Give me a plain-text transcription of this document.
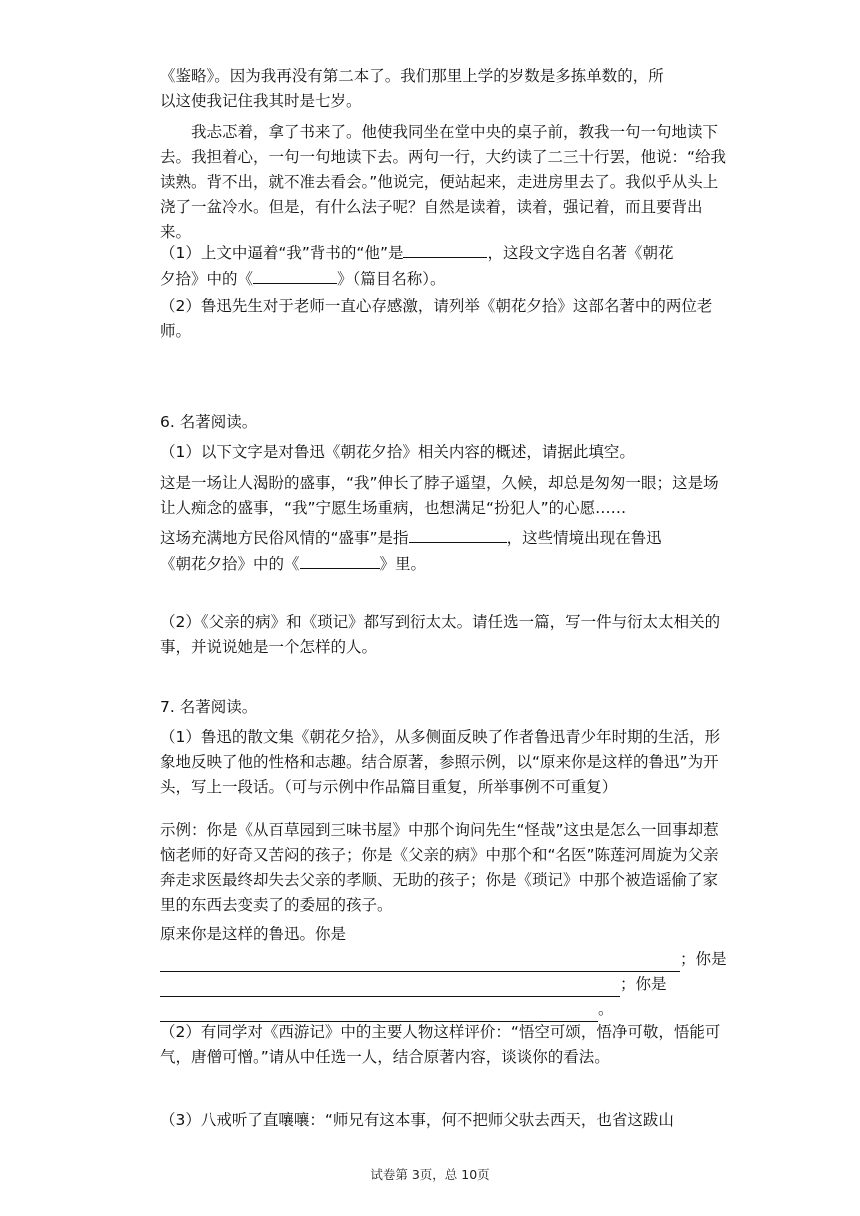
《鉴略》。因为我再没有第二本了。我们那里上学的岁数是多拣单数的，所

以这使我记住我其时是七岁。

我忐忑着，拿了书来了。他使我同坐在堂中央的桌子前，教我一句一句地读下去。我担着心，一句一句地读下去。两句一行，大约读了二三十行罢，他说：“给我读熟。背不出，就不准去看会。”他说完，便站起来，走进房里去了。我似乎从头上浇了一盆冷水。但是，有什么法子呢？自然是读着，读着，强记着，而且要背出来。

（1）上文中逼着“我”背书的“他”是	，这段文字选自名著《朝花
夕拾》中的《	》（篇目名称）。

（2）鲁迅先生对于老师一直心存感激，请列举《朝花夕拾》这部名著中的两位老师。

6. 名著阅读。

（1）以下文字是对鲁迅《朝花夕拾》相关内容的概述，请据此填空。

这是一场让人渴盼的盛事，“我”伸长了脖子遥望，久候，却总是匆匆一眼；这是场让人痴念的盛事，“我”宁愿生场重病，也想满足“扮犯人”的心愿……

这场充满地方民俗风情的“盛事”是指	，这些情境出现在鲁迅
《朝花夕拾》中的《	》里。

（2）《父亲的病》和《琐记》都写到衍太太。请任选一篇，写一件与衍太太相关的事，并说说她是一个怎样的人。

7. 名著阅读。

（1）鲁迅的散文集《朝花夕拾》，从多侧面反映了作者鲁迅青少年时期的生活，形象地反映了他的性格和志趣。结合原著，参照示例，以“原来你是这样的鲁迅”为开头，写上一段话。（可与示例中作品篇目重复，所举事例不可重复）

示例：你是《从百草园到三味书屋》中那个询问先生“怪哉”这虫是怎么一回事却惹恼老师的好奇又苦闷的孩子；你是《父亲的病》中那个和“名医”陈莲河周旋为父亲奔走求医最终却失去父亲的孝顺、无助的孩子；你是《琐记》中那个被造谣偷了家里的东西去变卖了的委屈的孩子。

原来你是这样的鲁迅。你是

；你是
；你是
。

（2）有同学对《西游记》中的主要人物这样评价：“悟空可颂，悟净可敬，悟能可气，唐僧可憎。”请从中任选一人，结合原著内容，谈谈你的看法。

（3）八戒听了直嚷嚷：“师兄有这本事，何不把师父驮去西天，也省这跋山

试卷第 3页，总 10页
